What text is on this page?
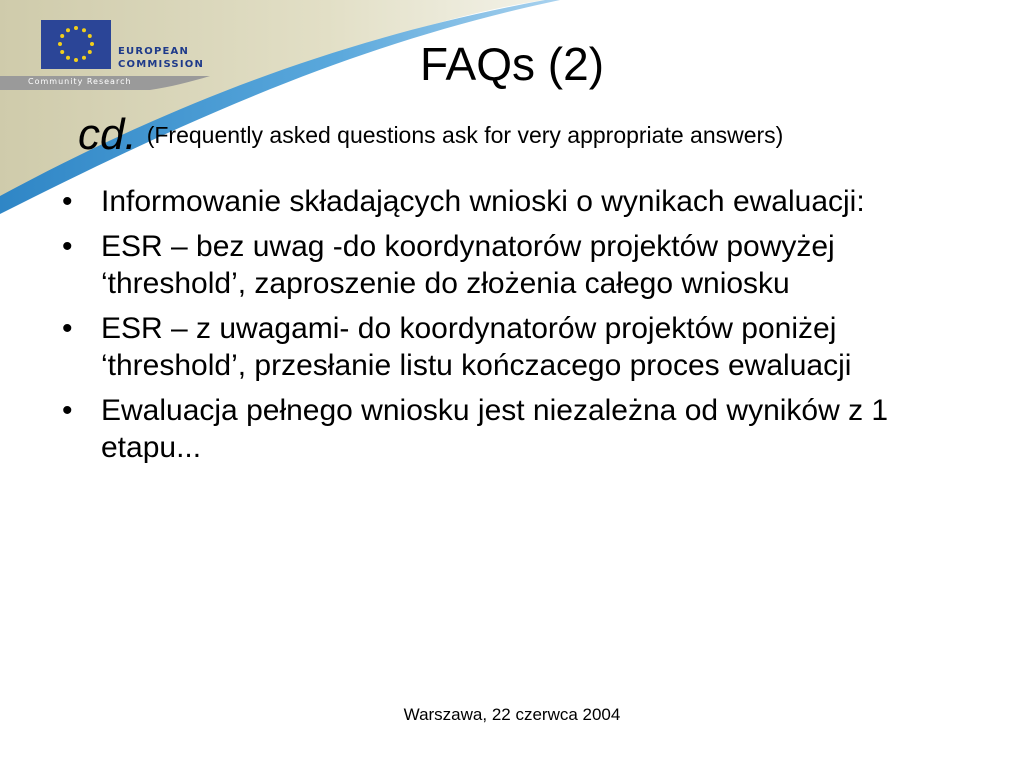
EUROPEAN
COMMISSION
Community Research	FAQs (2)
cd. (Frequently asked questions ask for very appropriate answers)
• Informowanie składających wnioski o wynikach ewaluacji:
• ESR – bez uwag -do koordynatorów projektów powyżej ‘threshold’, zaproszenie do złożenia całego wniosku
• ESR – z uwagami- do koordynatorów projektów poniżej ‘threshold’, przesłanie listu kończacego proces ewaluacji
• Ewaluacja pełnego wniosku jest niezależna od wyników z 1 etapu...
Warszawa, 22 czerwca 2004
